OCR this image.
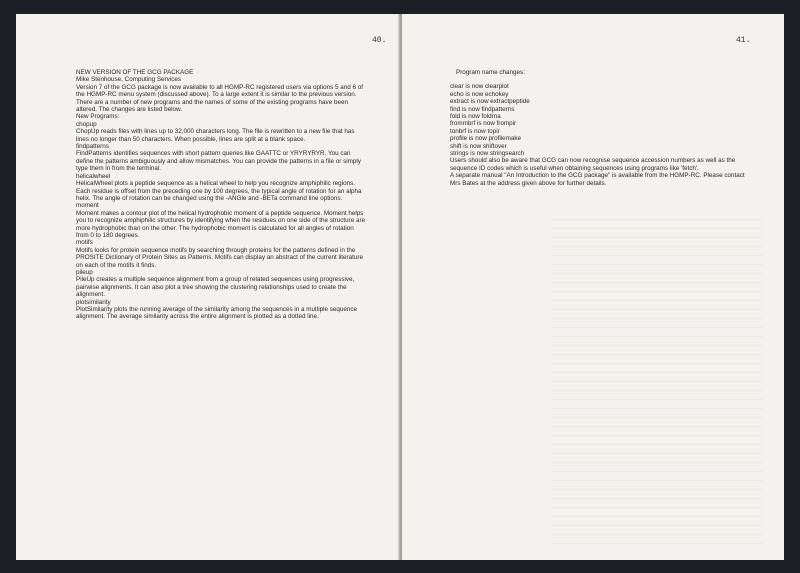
40.

NEW VERSION OF THE GCG PACKAGE

Mike Stenhouse, Computing Services

Version 7 of the GCG package is now available to all HGMP-RC registered users via options 5 and 6 of the HGMP-RC menu system (discussed above). To a large extent it is similar to the previous version. There are a number of new programs and the names of some of the existing programs have been altered. The changes are listed below.

New Programs:

chopup

ChopUp reads files with lines up to 32,000 characters long. The file is rewritten to a new file that has lines no longer than 50 characters. When possible, lines are split at a blank space.

findpatterns

FindPatterns identifies sequences with short pattern queries like GAATTC or YRYRYRYR. You can define the patterns ambiguously and allow mismatches. You can provide the patterns in a file or simply type them in from the terminal.

helicalwheel

HelicalWheel plots a peptide sequence as a helical wheel to help you recognize amphiphilic regions. Each residue is offset from the preceding one by 100 degrees, the typical angle of rotation for an alpha helix. The angle of rotation can be changed using the -ANGle and -BETa command line options.

moment

Moment makes a contour plot of the helical hydrophobic moment of a peptide sequence. Moment helps you to recognize amphiphilic structures by identifying when the residues on one side of the structure are more hydrophobic than on the other. The hydrophobic moment is calculated for all angles of rotation from 0 to 180 degrees.

motifs

Motifs looks for protein sequence motifs by searching through proteins for the patterns defined in the PROSITE Dictionary of Protein Sites as Patterns. Motifs can display an abstract of the current literature on each of the motifs it finds.

pileup

PileUp creates a multiple sequence alignment from a group of related sequences using progressive, pairwise alignments. It can also plot a tree showing the clustering relationships used to create the alignment.

plotsimilarity

PlotSimilarity plots the running average of the similarity among the sequences in a multiple sequence alignment. The average similarity across the entire alignment is plotted as a dotted line.

41.

Program name changes:

clear is now clearplot

echo is now echokey

extract is now extractpeptide

find is now findpatterns

fold is now foldrna

frommbrf is now frompir

tonbrf is now topir

profile is now profilemake

shift is now shiftover

strings is now stringsearch

Users should also be aware that GCG can now recognise sequence accession numbers as well as the sequence ID codes which is useful when obtaining sequences using programs like 'fetch'.

A separate manual "An Introduction to the GCG package" is available from the HGMP-RC. Please contact Mrs Bates at the address given above for further details.
